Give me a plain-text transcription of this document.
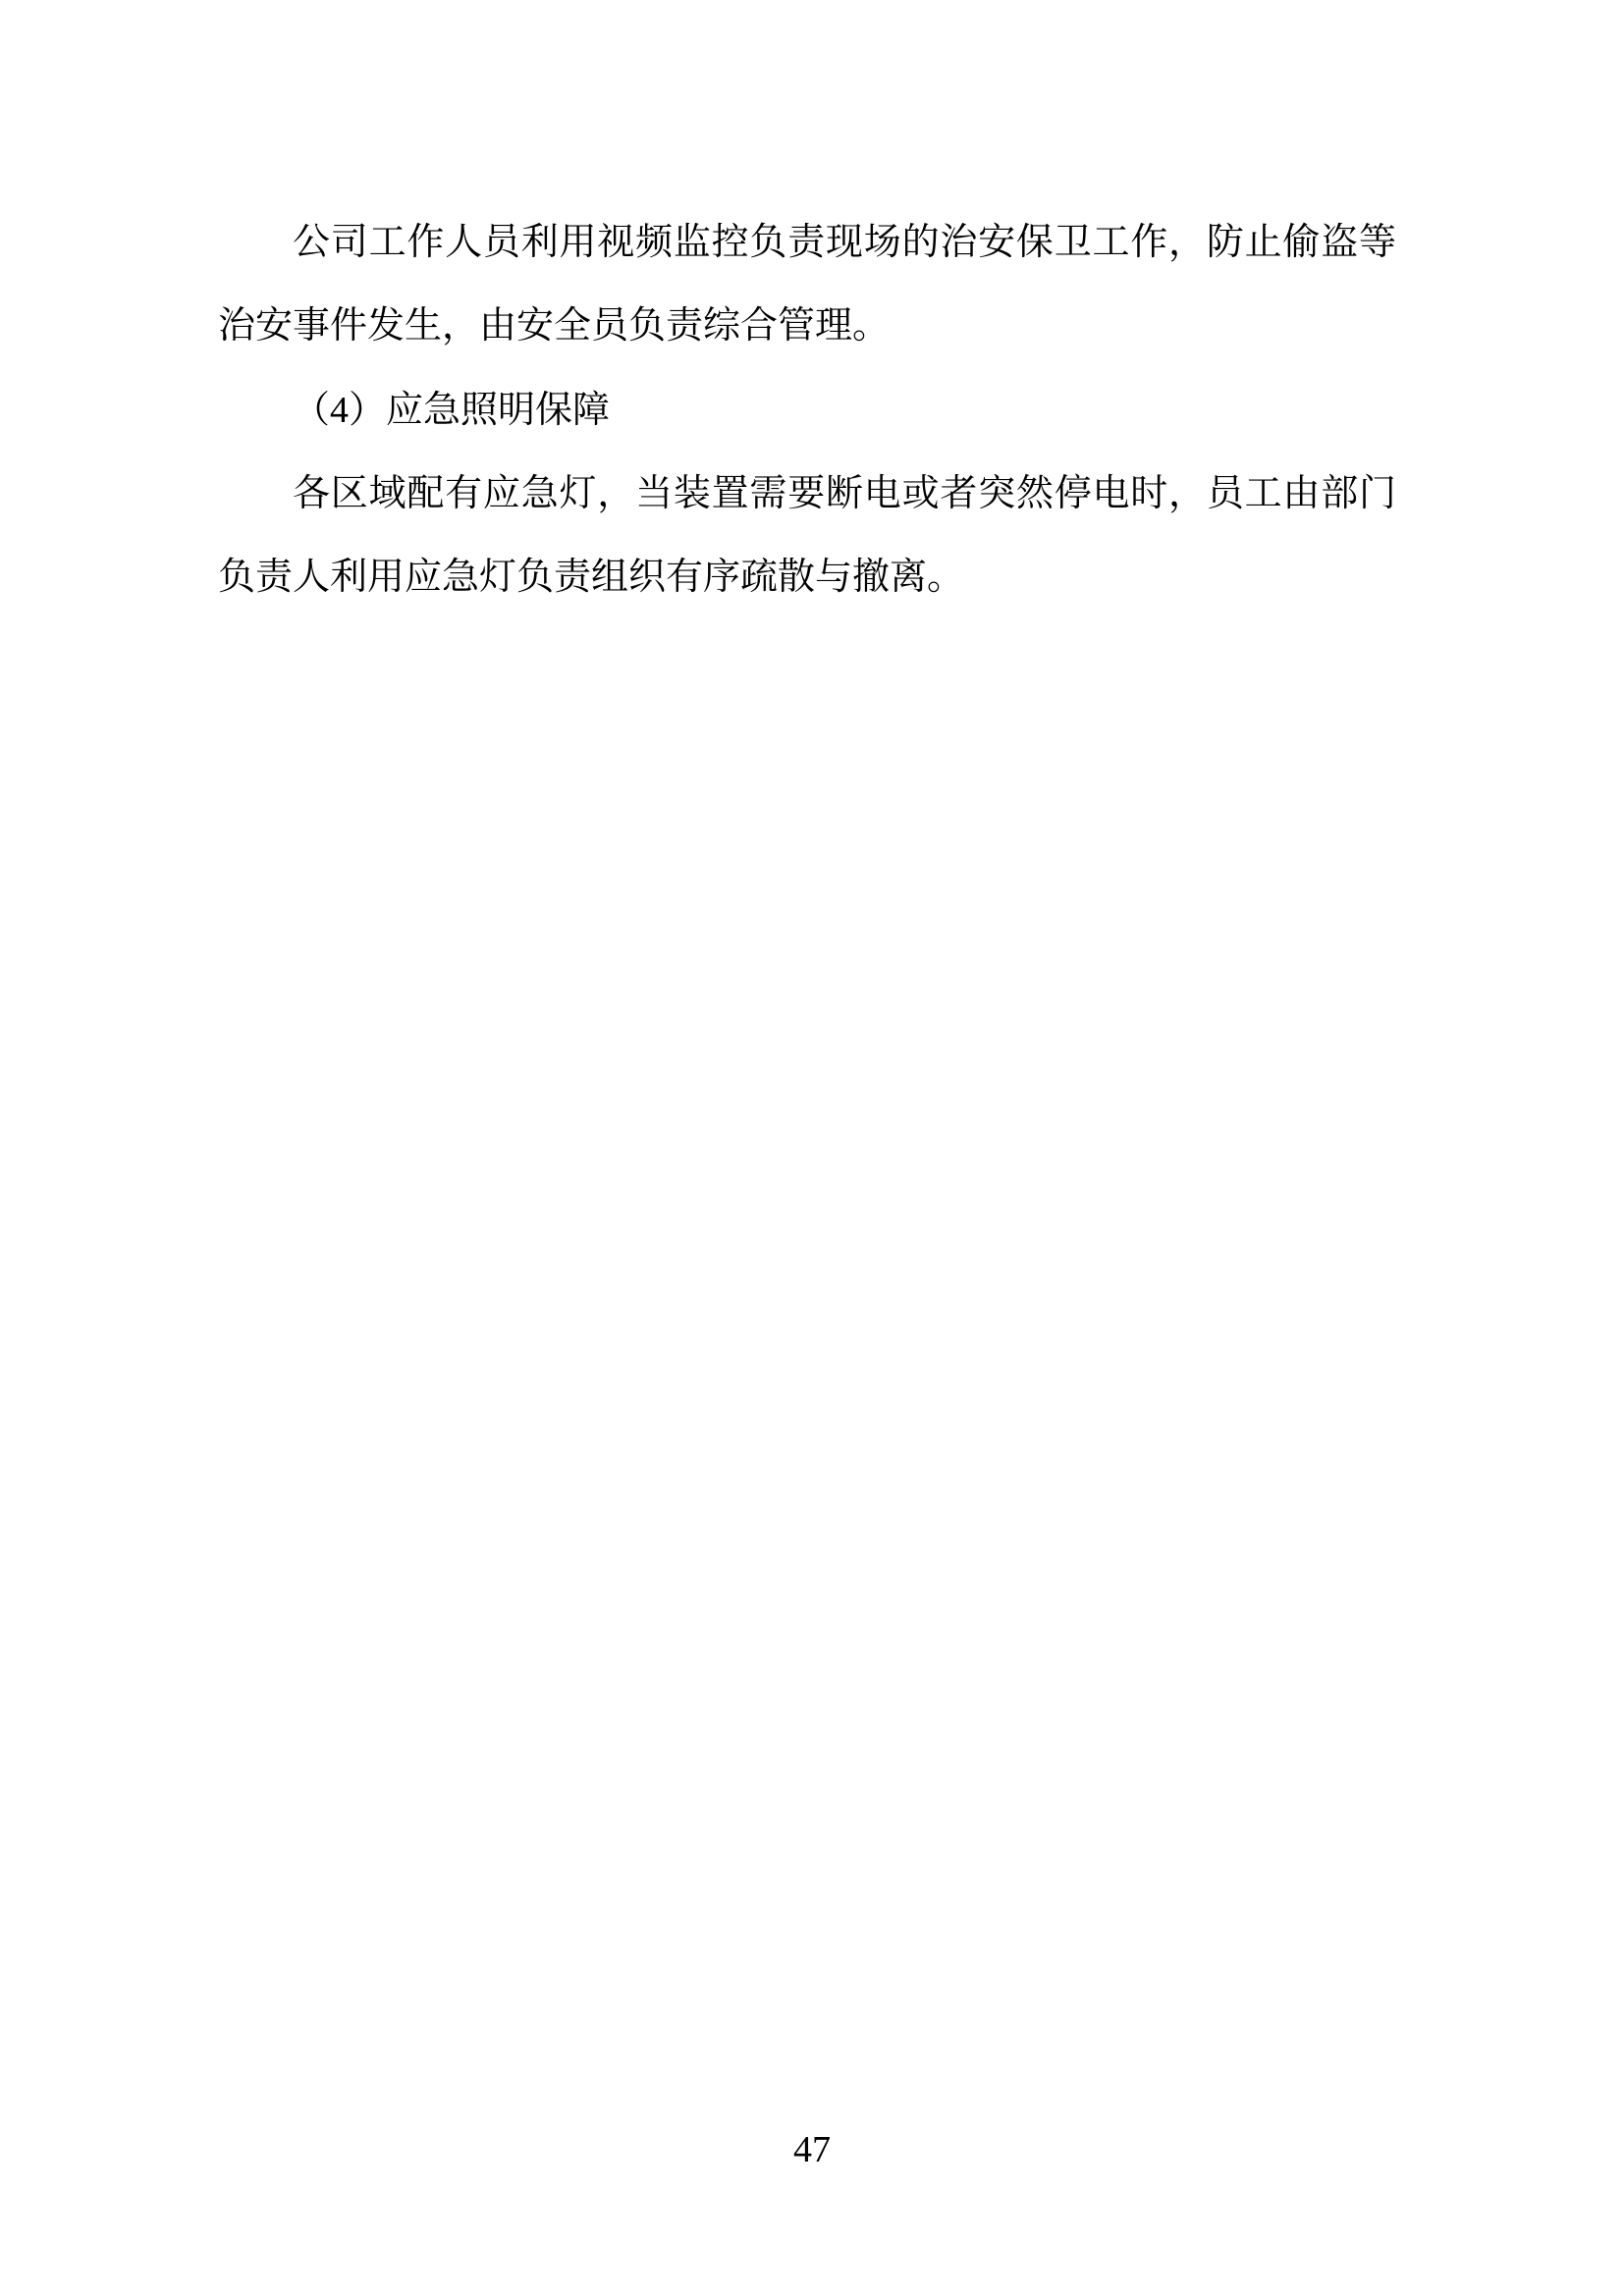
公司工作人员利用视频监控负责现场的治安保卫工作，防止偷盗等治安事件发生，由安全员负责综合管理。

（4）应急照明保障

各区域配有应急灯，当装置需要断电或者突然停电时，员工由部门负责人利用应急灯负责组织有序疏散与撤离。

47
